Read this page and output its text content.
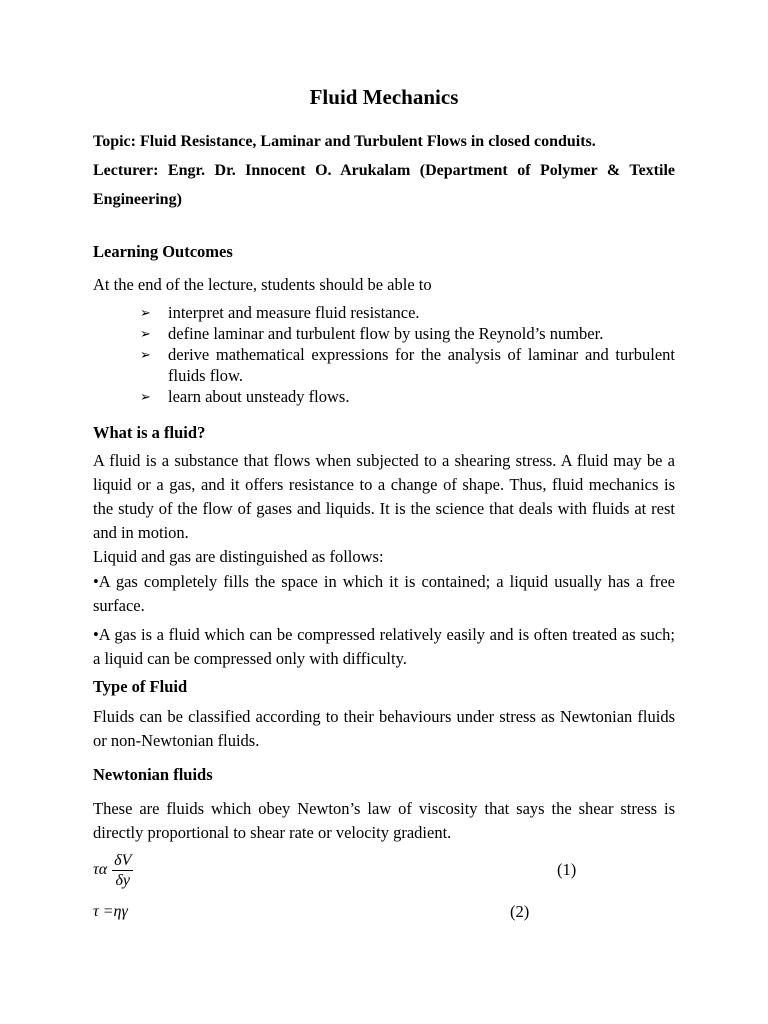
Fluid Mechanics

Topic: Fluid Resistance, Laminar and Turbulent Flows in closed conduits.

Lecturer: Engr. Dr. Innocent O. Arukalam (Department of Polymer & Textile Engineering)

Learning Outcomes

At the end of the lecture, students should be able to

➢	interpret and measure fluid resistance.
➢	define laminar and turbulent flow by using the Reynold’s number.
➢	derive mathematical expressions for the analysis of laminar and turbulent fluids flow.
➢	learn about unsteady flows.
What is a fluid?

A fluid is a substance that flows when subjected to a shearing stress. A fluid may be a liquid or a gas, and it offers resistance to a change of shape. Thus, fluid mechanics is the study of the flow of gases and liquids. It is the science that deals with fluids at rest and in motion.

Liquid and gas are distinguished as follows:

•A gas completely fills the space in which it is contained; a liquid usually has a free surface.

•A gas is a fluid which can be compressed relatively easily and is often treated as such; a liquid can be compressed only with difficulty.

Type of Fluid

Fluids can be classified according to their behaviours under stress as Newtonian fluids or non-Newtonian fluids.

Newtonian fluids

These are fluids which obey Newton’s law of viscosity that says the shear stress is directly proportional to shear rate or velocity gradient.

τα $\frac{\delta V}{\delta y}$	(1)
τ =ηγ	(2)
